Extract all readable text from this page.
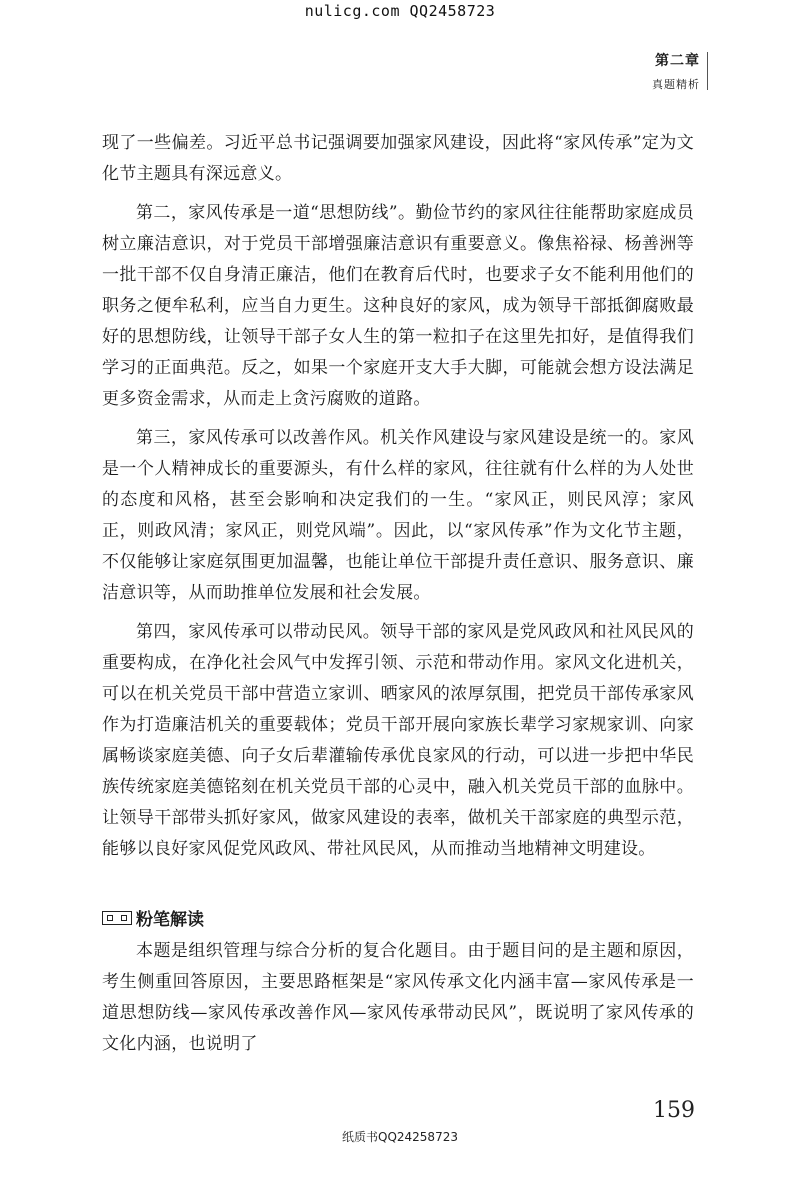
nulicg.com QQ2458723
第二章
真题精析

现了一些偏差。习近平总书记强调要加强家风建设，因此将“家风传承”定为文化节主题具有深远意义。

第二，家风传承是一道“思想防线”。勤俭节约的家风往往能帮助家庭成员树立廉洁意识，对于党员干部增强廉洁意识有重要意义。像焦裕禄、杨善洲等一批干部不仅自身清正廉洁，他们在教育后代时，也要求子女不能利用他们的职务之便牟私利，应当自力更生。这种良好的家风，成为领导干部抵御腐败最好的思想防线，让领导干部子女人生的第一粒扣子在这里先扣好，是值得我们学习的正面典范。反之，如果一个家庭开支大手大脚，可能就会想方设法满足更多资金需求，从而走上贪污腐败的道路。

第三，家风传承可以改善作风。机关作风建设与家风建设是统一的。家风是一个人精神成长的重要源头，有什么样的家风，往往就有什么样的为人处世的态度和风格，甚至会影响和决定我们的一生。“家风正，则民风淳；家风正，则政风清；家风正，则党风端”。因此，以“家风传承”作为文化节主题，不仅能够让家庭氛围更加温馨，也能让单位干部提升责任意识、服务意识、廉洁意识等，从而助推单位发展和社会发展。

第四，家风传承可以带动民风。领导干部的家风是党风政风和社风民风的重要构成，在净化社会风气中发挥引领、示范和带动作用。家风文化进机关，可以在机关党员干部中营造立家训、晒家风的浓厚氛围，把党员干部传承家风作为打造廉洁机关的重要载体；党员干部开展向家族长辈学习家规家训、向家属畅谈家庭美德、向子女后辈灌输传承优良家风的行动，可以进一步把中华民族传统家庭美德铭刻在机关党员干部的心灵中，融入机关党员干部的血脉中。让领导干部带头抓好家风，做家风建设的表率，做机关干部家庭的典型示范，能够以良好家风促党风政风、带社风民风，从而推动当地精神文明建设。

粉笔解读

本题是组织管理与综合分析的复合化题目。由于题目问的是主题和原因，考生侧重回答原因，主要思路框架是“家风传承文化内涵丰富—家风传承是一道思想防线—家风传承改善作风—家风传承带动民风”，既说明了家风传承的文化内涵，也说明了

159
纸质书QQ24258723
